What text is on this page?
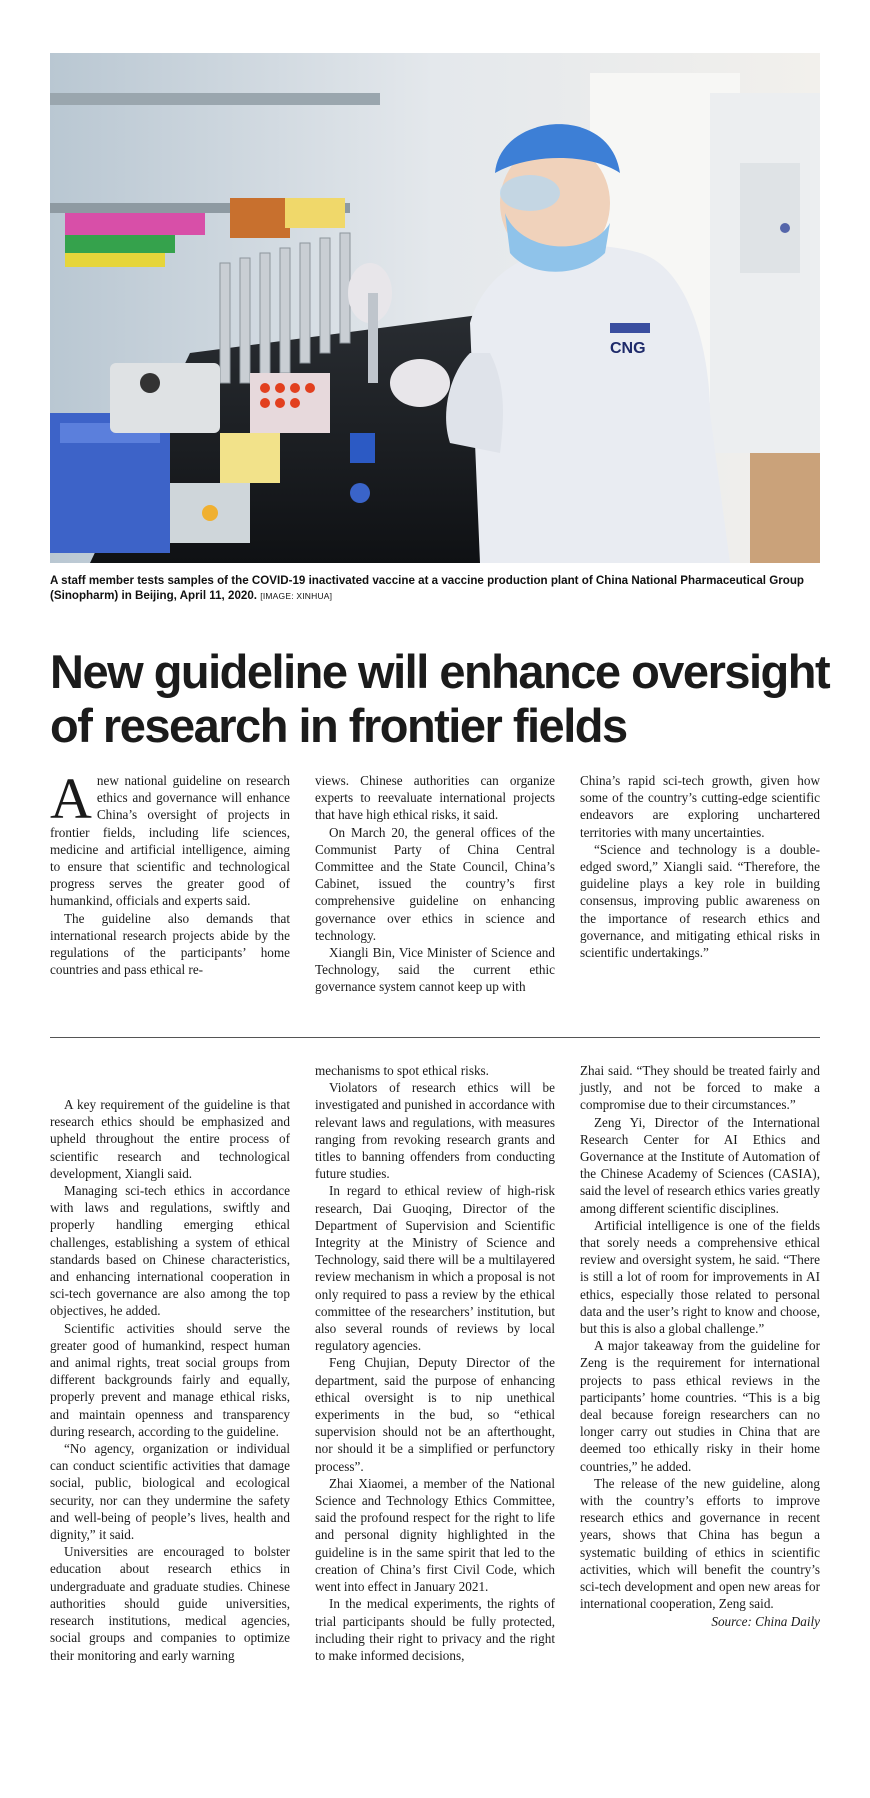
CNG
A staff member tests samples of the COVID-19 inactivated vaccine at a vaccine production plant of China National Pharmaceutical Group (Sinopharm) in Beijing, April 11, 2020. [IMAGE: XINHUA]
New guideline will enhance oversight of research in frontier fields

Anew national guideline on research ethics and governance will enhance China’s oversight of projects in frontier fields, including life sciences, medicine and artificial intelligence, aiming to ensure that scientific and technological progress serves the greater good of humankind, officials and experts said.

The guideline also demands that international research projects abide by the regulations of the participants’ home countries and pass ethical re-

views. Chinese authorities can organize experts to reevaluate international projects that have high ethical risks, it said.

On March 20, the general offices of the Communist Party of China Central Committee and the State Council, China’s Cabinet, issued the country’s first comprehensive guideline on enhancing governance over ethics in science and technology.

Xiangli Bin, Vice Minister of Science and Technology, said the current ethic governance system cannot keep up with

China’s rapid sci-tech growth, given how some of the country’s cutting-edge scientific endeavors are exploring unchartered territories with many uncertainties.

“Science and technology is a double-edged sword,” Xiangli said. “Therefore, the guideline plays a key role in building consensus, improving public awareness on the importance of research ethics and governance, and mitigating ethical risks in scientific undertakings.”

A key requirement of the guideline is that research ethics should be emphasized and upheld throughout the entire process of scientific research and technological development, Xiangli said.

Managing sci-tech ethics in accordance with laws and regulations, swiftly and properly handling emerging ethical challenges, establishing a system of ethical standards based on Chinese characteristics, and enhancing international cooperation in sci-tech governance are also among the top objectives, he added.

Scientific activities should serve the greater good of humankind, respect human and animal rights, treat social groups from different backgrounds fairly and equally, properly prevent and manage ethical risks, and maintain openness and transparency during research, according to the guideline.

“No agency, organization or individual can conduct scientific activities that damage social, public, biological and ecological security, nor can they undermine the safety and well-being of people’s lives, health and dignity,” it said.

Universities are encouraged to bolster education about research ethics in undergraduate and graduate studies. Chinese authorities should guide universities, research institutions, medical agencies, social groups and companies to optimize their monitoring and early warning

mechanisms to spot ethical risks.

Violators of research ethics will be investigated and punished in accordance with relevant laws and regulations, with measures ranging from revoking research grants and titles to banning offenders from conducting future studies.

In regard to ethical review of high-risk research, Dai Guoqing, Director of the Department of Supervision and Scientific Integrity at the Ministry of Science and Technology, said there will be a multilayered review mechanism in which a proposal is not only required to pass a review by the ethical committee of the researchers’ institution, but also several rounds of reviews by local regulatory agencies.

Feng Chujian, Deputy Director of the department, said the purpose of enhancing ethical oversight is to nip unethical experiments in the bud, so “ethical supervision should not be an afterthought, nor should it be a simplified or perfunctory process”.

Zhai Xiaomei, a member of the National Science and Technology Ethics Committee, said the profound respect for the right to life and personal dignity highlighted in the guideline is in the same spirit that led to the creation of China’s first Civil Code, which went into effect in January 2021.

In the medical experiments, the rights of trial participants should be fully protected, including their right to privacy and the right to make informed decisions,

Zhai said. “They should be treated fairly and justly, and not be forced to make a compromise due to their circumstances.”

Zeng Yi, Director of the International Research Center for AI Ethics and Governance at the Institute of Automation of the Chinese Academy of Sciences (CASIA), said the level of research ethics varies greatly among different scientific disciplines.

Artificial intelligence is one of the fields that sorely needs a comprehensive ethical review and oversight system, he said. “There is still a lot of room for improvements in AI ethics, especially those related to personal data and the user’s right to know and choose, but this is also a global challenge.”

A major takeaway from the guideline for Zeng is the requirement for international projects to pass ethical reviews in the participants’ home countries. “This is a big deal because foreign researchers can no longer carry out studies in China that are deemed too ethically risky in their home countries,” he added.

The release of the new guideline, along with the country’s efforts to improve research ethics and governance in recent years, shows that China has begun a systematic building of ethics in scientific activities, which will benefit the country’s sci-tech development and open new areas for international cooperation, Zeng said.

Source: China Daily
